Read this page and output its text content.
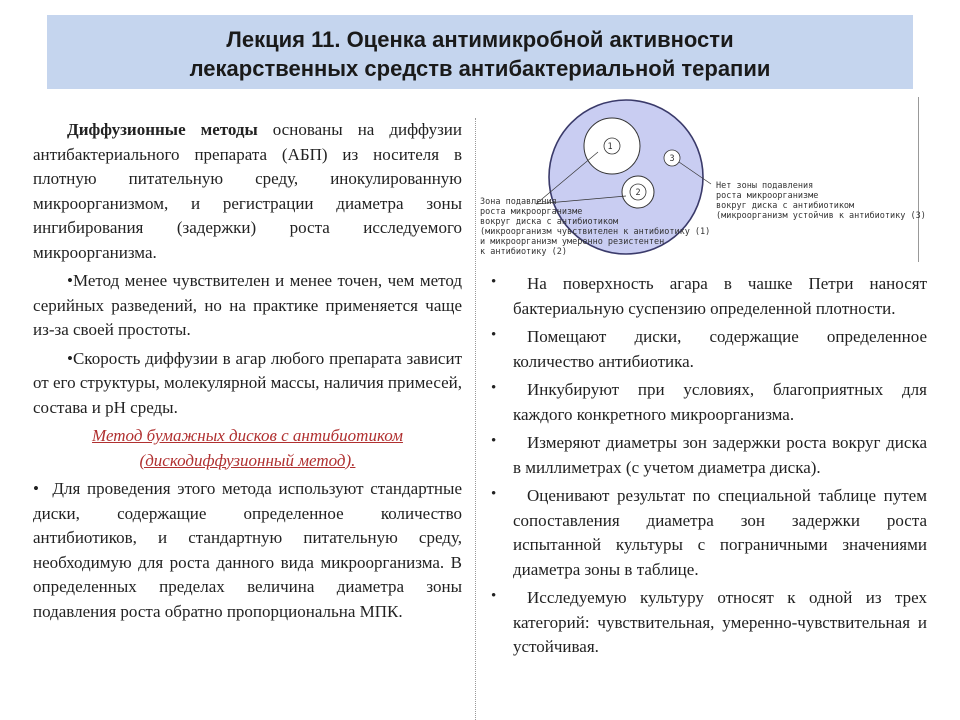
Лекция 11. Оценка антимикробной активности
лекарственных средств антибактериальной терапии

Диффузионные методы основаны на диффузии антибактериального препарата (АБП) из носителя в плотную питательную среду, инокулированную микроорганизмом, и регистрации диаметра зоны ингибирования (задержки) роста исследуемого микроорганизма.

•Метод менее чувствителен и менее точен, чем метод серийных разведений, но на практике применяется чаще из-за своей простоты.

•Скорость диффузии в агар любого препарата зависит от его структуры, молекулярной массы, наличия примесей, состава и pH среды.

Метод бумажных дисков с антибиотиком (дискодиффузионный метод).

• Для проведения этого метода используют стандартные диски, содержащие определенное количество антибиотиков, и стандартную питательную среду, необходимую для роста данного вида микроорганизма. В определенных пределах величина диаметра зоны подавления роста обратно пропорциональна МПК.

1
2
3
Зона подавления
роста микроорганизме
вокруг диска с антибиотиком
(микроорганизм чувствителен к антибиотику (1)
и микроорганизм умеренно резистентен
к антибиотику (2)
Нет зоны подавления
роста микроорганизме
вокруг диска с антибиотиком
(микроорганизм устойчив к антибиотику (3)
•	На поверхность агара в чашке Петри наносят бактериальную суспензию определенной плотности.
•	Помещают диски, содержащие определенное количество антибиотика.
•	Инкубируют при условиях, благоприятных для каждого конкретного микроорганизма.
•	Измеряют диаметры зон задержки роста вокруг диска в миллиметрах (с учетом диаметра диска).
•	Оценивают результат по специальной таблице путем сопоставления диаметра зон задержки роста испытанной культуры с пограничными значениями диаметра зоны в таблице.
•	Исследуемую культуру относят к одной из трех категорий: чувствительная, умеренно-чувствительная и устойчивая.
